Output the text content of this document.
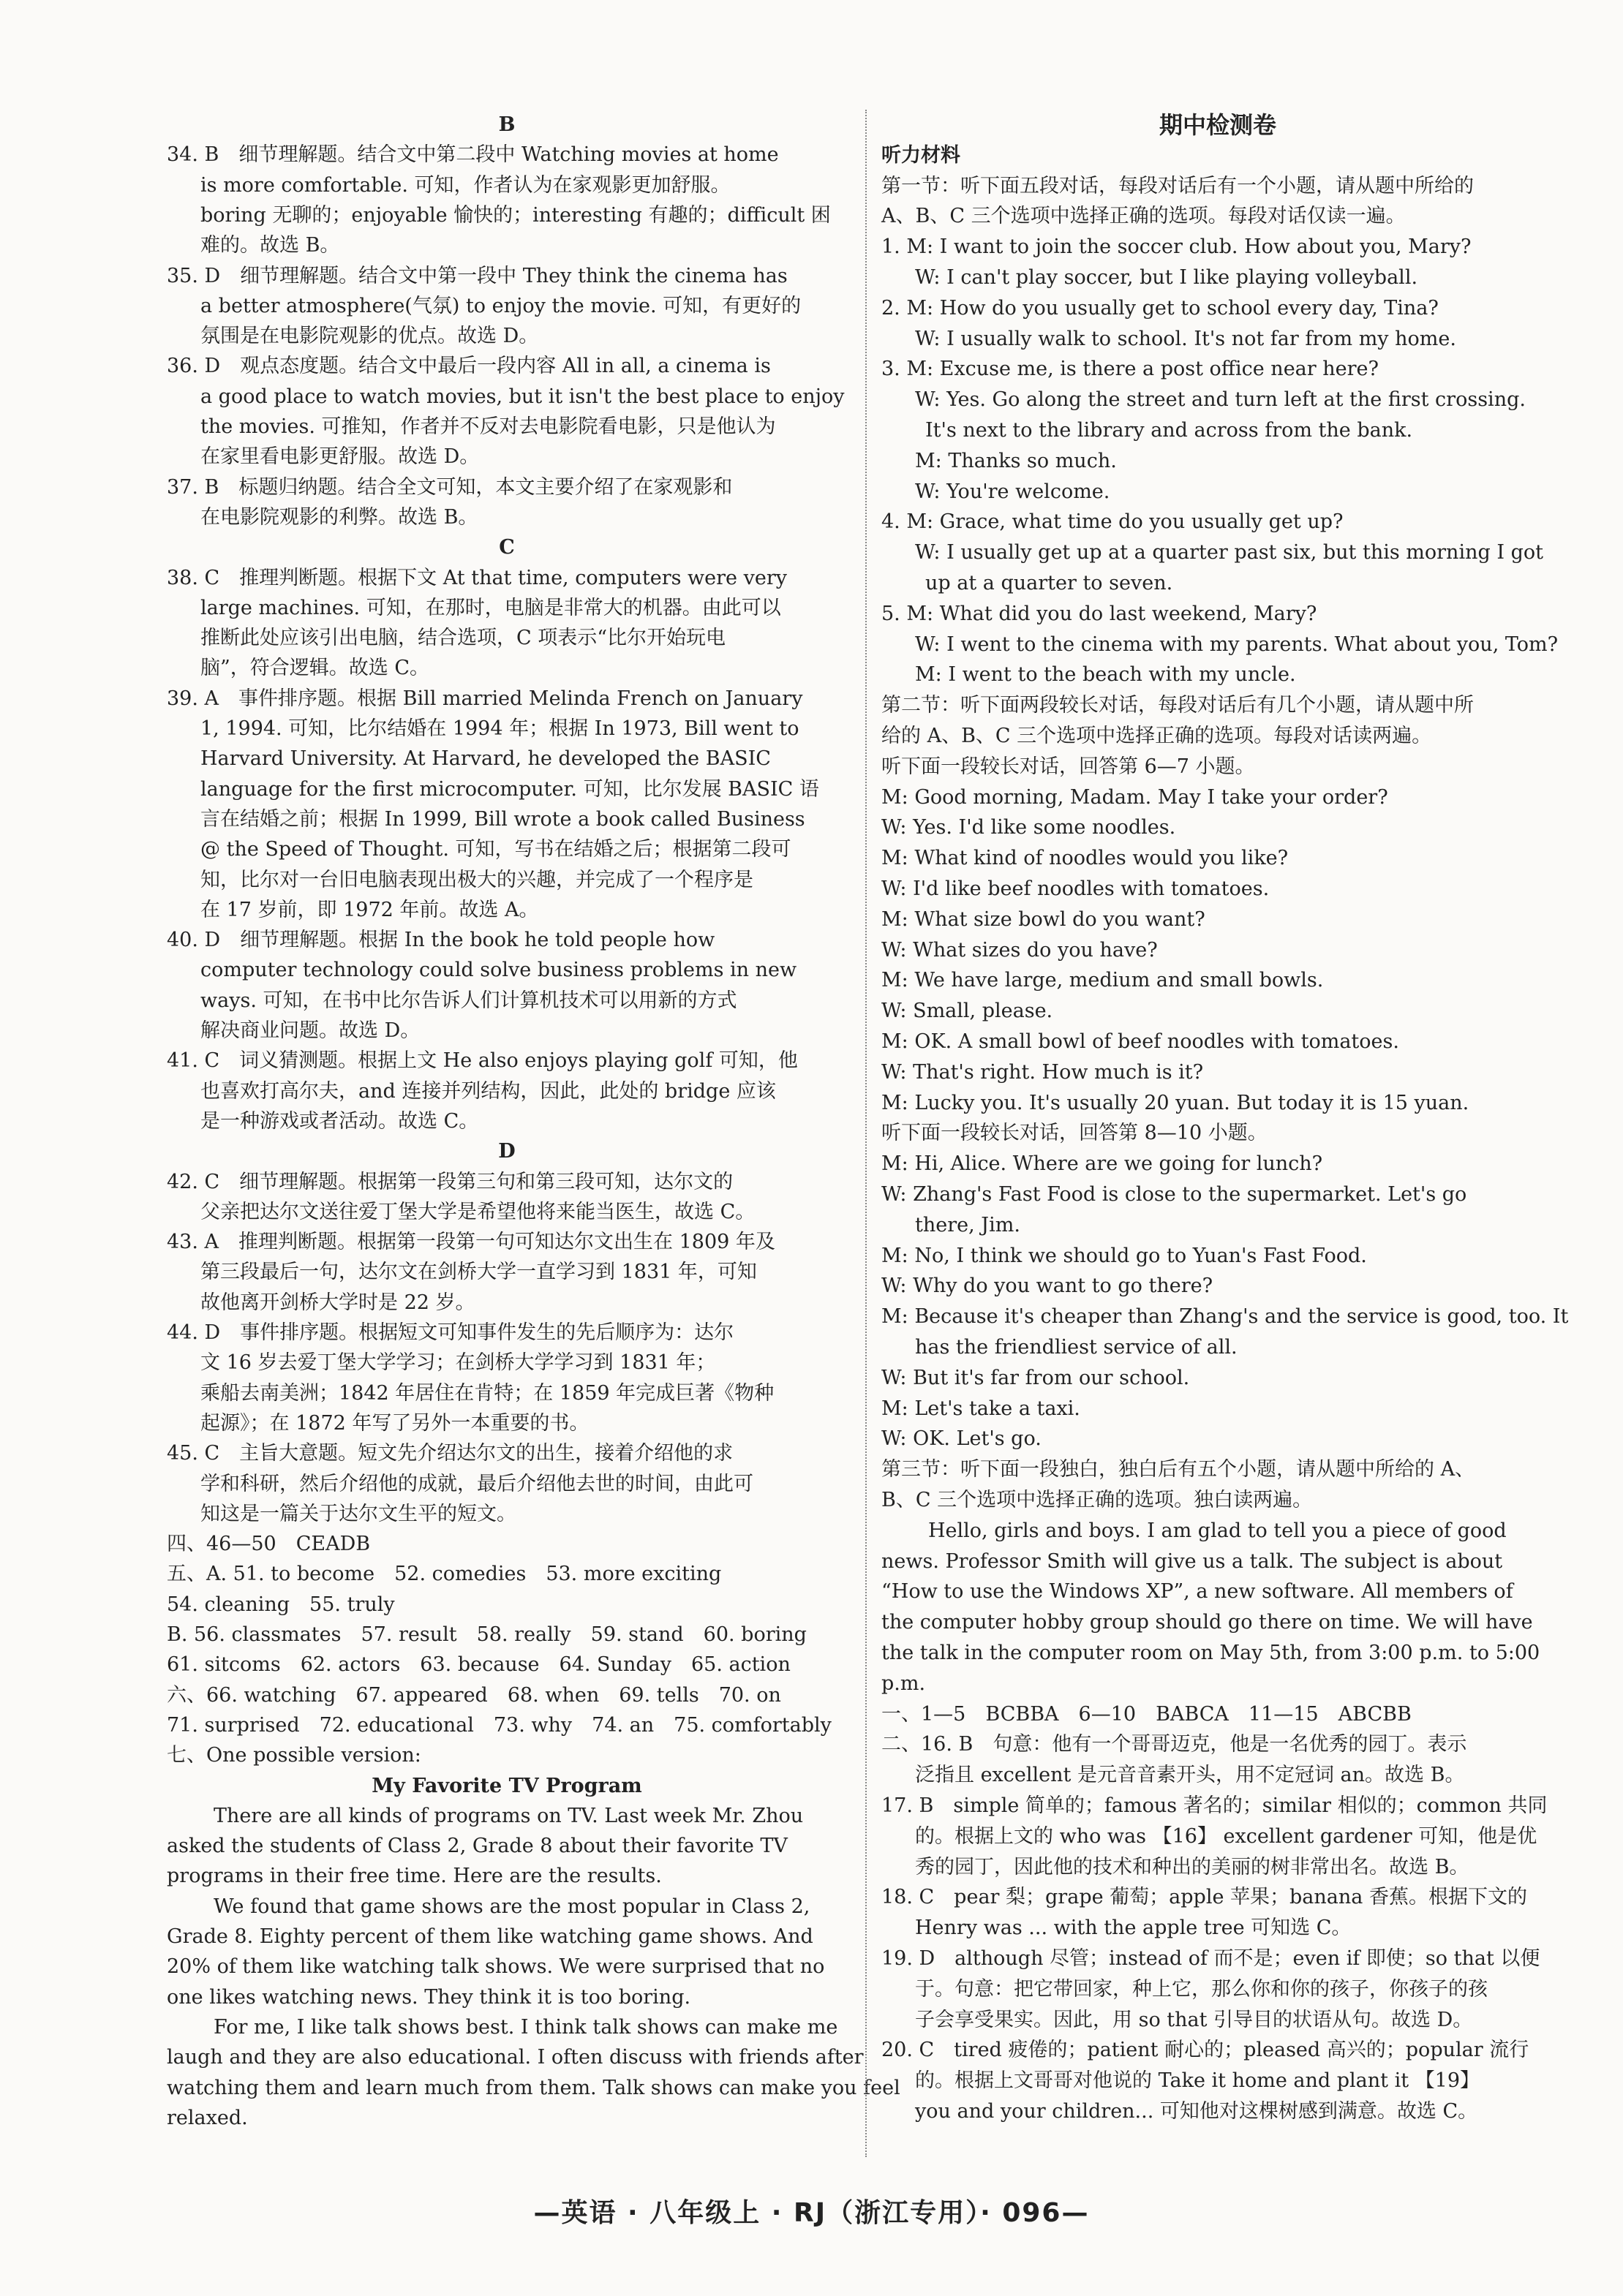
B
34. B　细节理解题。结合文中第二段中 Watching movies at home
is more comfortable. 可知，作者认为在家观影更加舒服。
boring 无聊的；enjoyable 愉快的；interesting 有趣的；difficult 困
难的。故选 B。
35. D　细节理解题。结合文中第一段中 They think the cinema has
a better atmosphere(气氛) to enjoy the movie. 可知，有更好的
氛围是在电影院观影的优点。故选 D。
36. D　观点态度题。结合文中最后一段内容 All in all, a cinema is
a good place to watch movies, but it isn't the best place to enjoy
the movies. 可推知，作者并不反对去电影院看电影，只是他认为
在家里看电影更舒服。故选 D。
37. B　标题归纳题。结合全文可知，本文主要介绍了在家观影和
在电影院观影的利弊。故选 B。
C
38. C　推理判断题。根据下文 At that time, computers were very
large machines. 可知，在那时，电脑是非常大的机器。由此可以
推断此处应该引出电脑，结合选项，C 项表示“比尔开始玩电
脑”，符合逻辑。故选 C。
39. A　事件排序题。根据 Bill married Melinda French on January
1, 1994. 可知，比尔结婚在 1994 年；根据 In 1973, Bill went to
Harvard University. At Harvard, he developed the BASIC
language for the first microcomputer. 可知，比尔发展 BASIC 语
言在结婚之前；根据 In 1999, Bill wrote a book called Business
@ the Speed of Thought. 可知，写书在结婚之后；根据第二段可
知，比尔对一台旧电脑表现出极大的兴趣，并完成了一个程序是
在 17 岁前，即 1972 年前。故选 A。
40. D　细节理解题。根据 In the book he told people how
computer technology could solve business problems in new
ways. 可知，在书中比尔告诉人们计算机技术可以用新的方式
解决商业问题。故选 D。
41. C　词义猜测题。根据上文 He also enjoys playing golf 可知，他
也喜欢打高尔夫，and 连接并列结构，因此，此处的 bridge 应该
是一种游戏或者活动。故选 C。
D
42. C　细节理解题。根据第一段第三句和第三段可知，达尔文的
父亲把达尔文送往爱丁堡大学是希望他将来能当医生，故选 C。
43. A　推理判断题。根据第一段第一句可知达尔文出生在 1809 年及
第三段最后一句，达尔文在剑桥大学一直学习到 1831 年，可知
故他离开剑桥大学时是 22 岁。
44. D　事件排序题。根据短文可知事件发生的先后顺序为：达尔
文 16 岁去爱丁堡大学学习；在剑桥大学学习到 1831 年；
乘船去南美洲；1842 年居住在肯特；在 1859 年完成巨著《物种
起源》；在 1872 年写了另外一本重要的书。
45. C　主旨大意题。短文先介绍达尔文的出生，接着介绍他的求
学和科研，然后介绍他的成就，最后介绍他去世的时间，由此可
知这是一篇关于达尔文生平的短文。
四、46—50　CEADB
五、A. 51. to become　52. comedies　53. more exciting
54. cleaning　55. truly
B. 56. classmates　57. result　58. really　59. stand　60. boring
61. sitcoms　62. actors　63. because　64. Sunday　65. action
六、66. watching　67. appeared　68. when　69. tells　70. on
71. surprised　72. educational　73. why　74. an　75. comfortably
七、One possible version:
My Favorite TV Program
There are all kinds of programs on TV. Last week Mr. Zhou
asked the students of Class 2, Grade 8 about their favorite TV
programs in their free time. Here are the results.
We found that game shows are the most popular in Class 2,
Grade 8. Eighty percent of them like watching game shows. And
20% of them like watching talk shows. We were surprised that no
one likes watching news. They think it is too boring.
For me, I like talk shows best. I think talk shows can make me
laugh and they are also educational. I often discuss with friends after
watching them and learn much from them. Talk shows can make you feel
relaxed.
期中检测卷
听力材料
第一节：听下面五段对话，每段对话后有一个小题，请从题中所给的
A、B、C 三个选项中选择正确的选项。每段对话仅读一遍。
1. M: I want to join the soccer club. How about you, Mary?
W: I can't play soccer, but I like playing volleyball.
2. M: How do you usually get to school every day, Tina?
W: I usually walk to school. It's not far from my home.
3. M: Excuse me, is there a post office near here?
W: Yes. Go along the street and turn left at the first crossing.
It's next to the library and across from the bank.
M: Thanks so much.
W: You're welcome.
4. M: Grace, what time do you usually get up?
W: I usually get up at a quarter past six, but this morning I got
up at a quarter to seven.
5. M: What did you do last weekend, Mary?
W: I went to the cinema with my parents. What about you, Tom?
M: I went to the beach with my uncle.
第二节：听下面两段较长对话，每段对话后有几个小题，请从题中所
给的 A、B、C 三个选项中选择正确的选项。每段对话读两遍。
听下面一段较长对话，回答第 6—7 小题。
M: Good morning, Madam. May I take your order?
W: Yes. I'd like some noodles.
M: What kind of noodles would you like?
W: I'd like beef noodles with tomatoes.
M: What size bowl do you want?
W: What sizes do you have?
M: We have large, medium and small bowls.
W: Small, please.
M: OK. A small bowl of beef noodles with tomatoes.
W: That's right. How much is it?
M: Lucky you. It's usually 20 yuan. But today it is 15 yuan.
听下面一段较长对话，回答第 8—10 小题。
M: Hi, Alice. Where are we going for lunch?
W: Zhang's Fast Food is close to the supermarket. Let's go
there, Jim.
M: No, I think we should go to Yuan's Fast Food.
W: Why do you want to go there?
M: Because it's cheaper than Zhang's and the service is good, too. It
has the friendliest service of all.
W: But it's far from our school.
M: Let's take a taxi.
W: OK. Let's go.
第三节：听下面一段独白，独白后有五个小题，请从题中所给的 A、
B、C 三个选项中选择正确的选项。独白读两遍。
Hello, girls and boys. I am glad to tell you a piece of good
news. Professor Smith will give us a talk. The subject is about
“How to use the Windows XP”, a new software. All members of
the computer hobby group should go there on time. We will have
the talk in the computer room on May 5th, from 3:00 p.m. to 5:00
p.m.
一、1—5　BCBBA　6—10　BABCA　11—15　ABCBB
二、16. B　句意：他有一个哥哥迈克，他是一名优秀的园丁。表示
泛指且 excellent 是元音音素开头，用不定冠词 an。故选 B。
17. B　simple 简单的；famous 著名的；similar 相似的；common 共同
的。根据上文的 who was 【16】 excellent gardener 可知，他是优
秀的园丁，因此他的技术和种出的美丽的树非常出名。故选 B。
18. C　pear 梨；grape 葡萄；apple 苹果；banana 香蕉。根据下文的
Henry was ... with the apple tree 可知选 C。
19. D　although 尽管；instead of 而不是；even if 即使；so that 以便
于。句意：把它带回家，种上它，那么你和你的孩子，你孩子的孩
子会享受果实。因此，用 so that 引导目的状语从句。故选 D。
20. C　tired 疲倦的；patient 耐心的；pleased 高兴的；popular 流行
的。根据上文哥哥对他说的 Take it home and plant it 【19】
you and your children... 可知他对这棵树感到满意。故选 C。
—英语 · 八年级上 · RJ（浙江专用）· 096—
